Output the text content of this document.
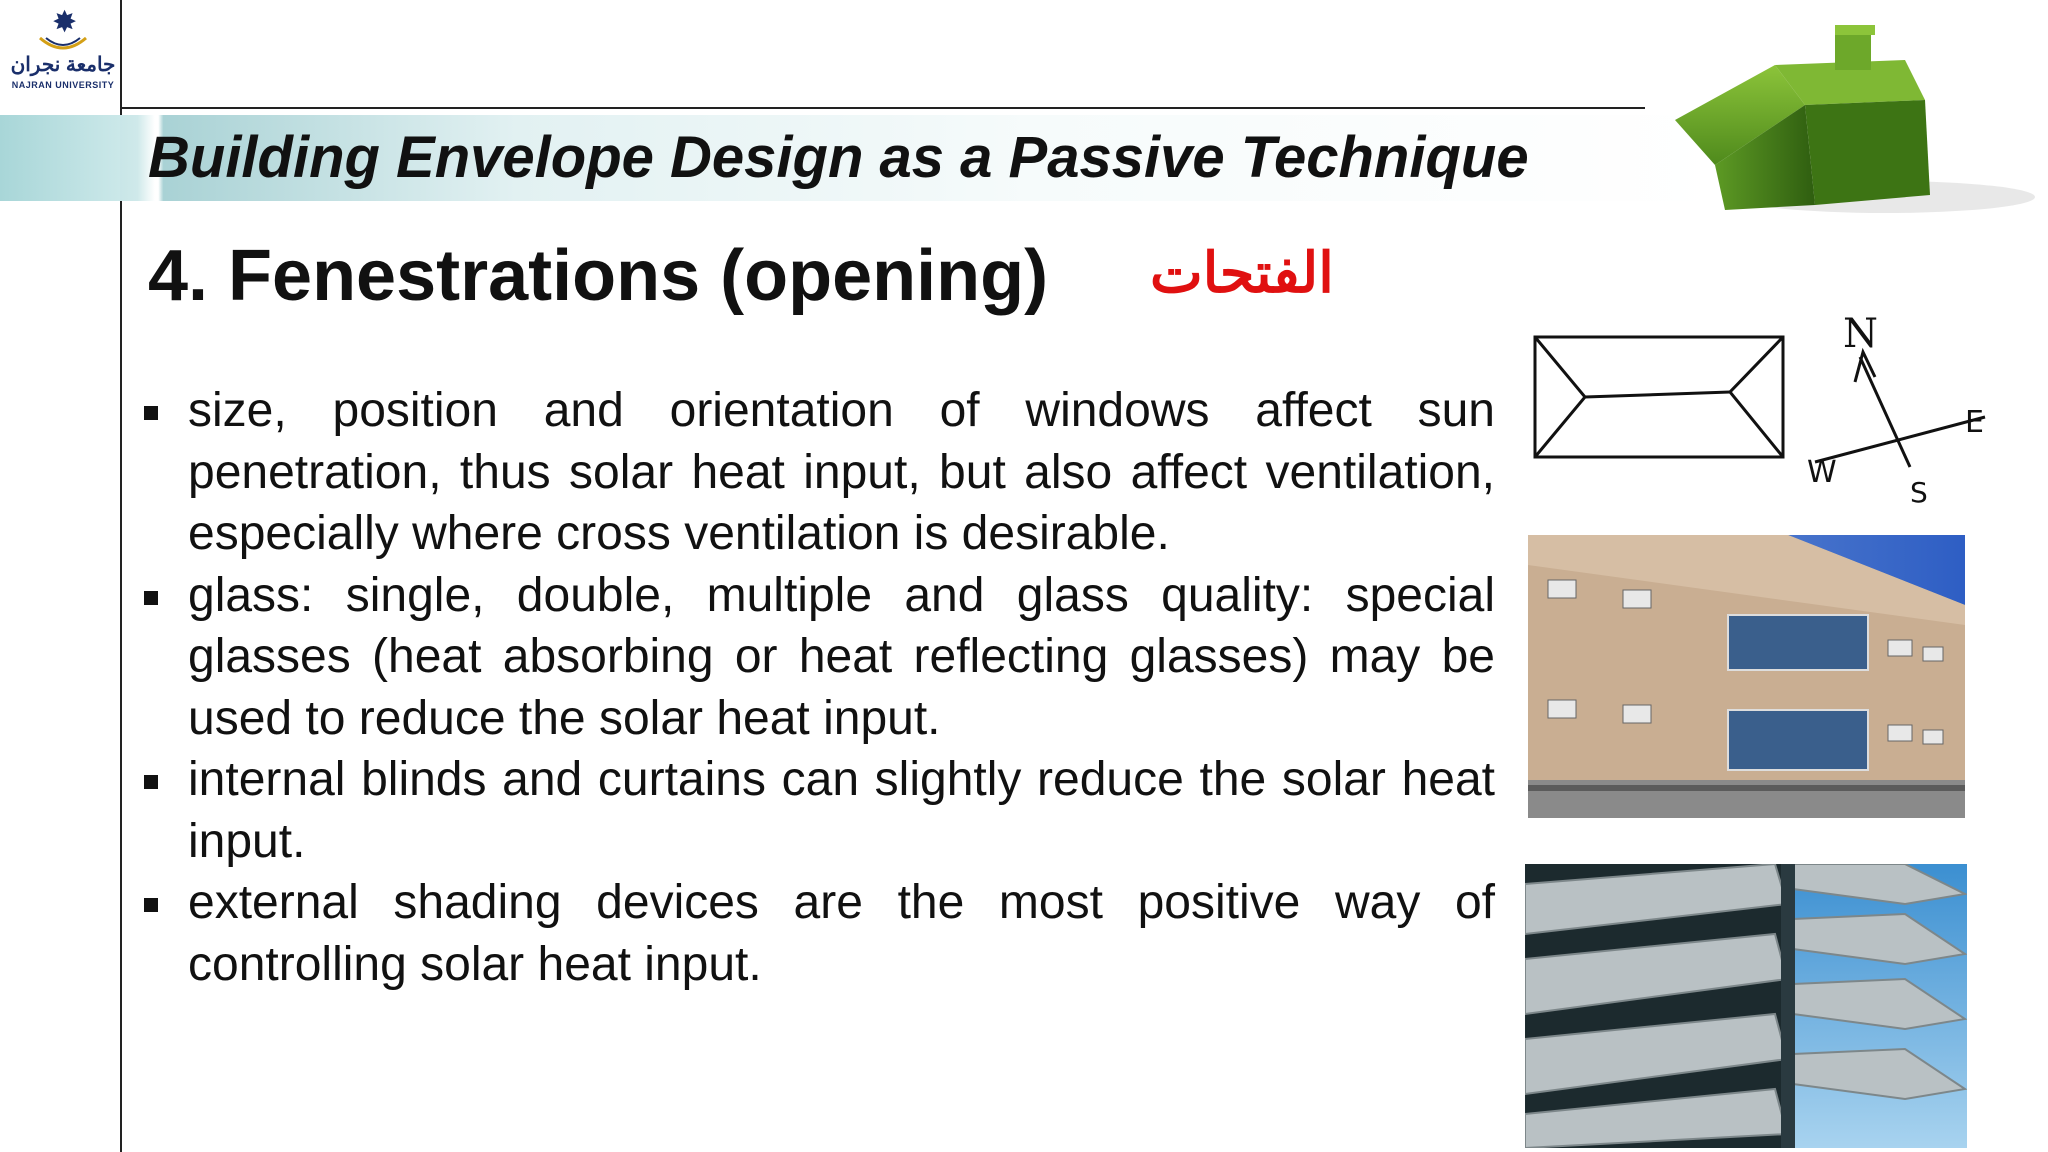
✸
جامعة نجران
NAJRAN UNIVERSITY
Building Envelope Design as a Passive Technique
4. Fenestrations (opening) الفتحات
size, position and orientation of windows affect sun penetration, thus solar heat input, but also affect ventilation, especially where cross ventilation is desirable.
glass: single, double, multiple and glass quality: special glasses (heat absorbing or heat reflecting glasses) may be used to reduce the solar heat input.
internal blinds and curtains can slightly reduce the solar heat input.
external shading devices are the most positive way of controlling solar heat input.
N
E
W
S
